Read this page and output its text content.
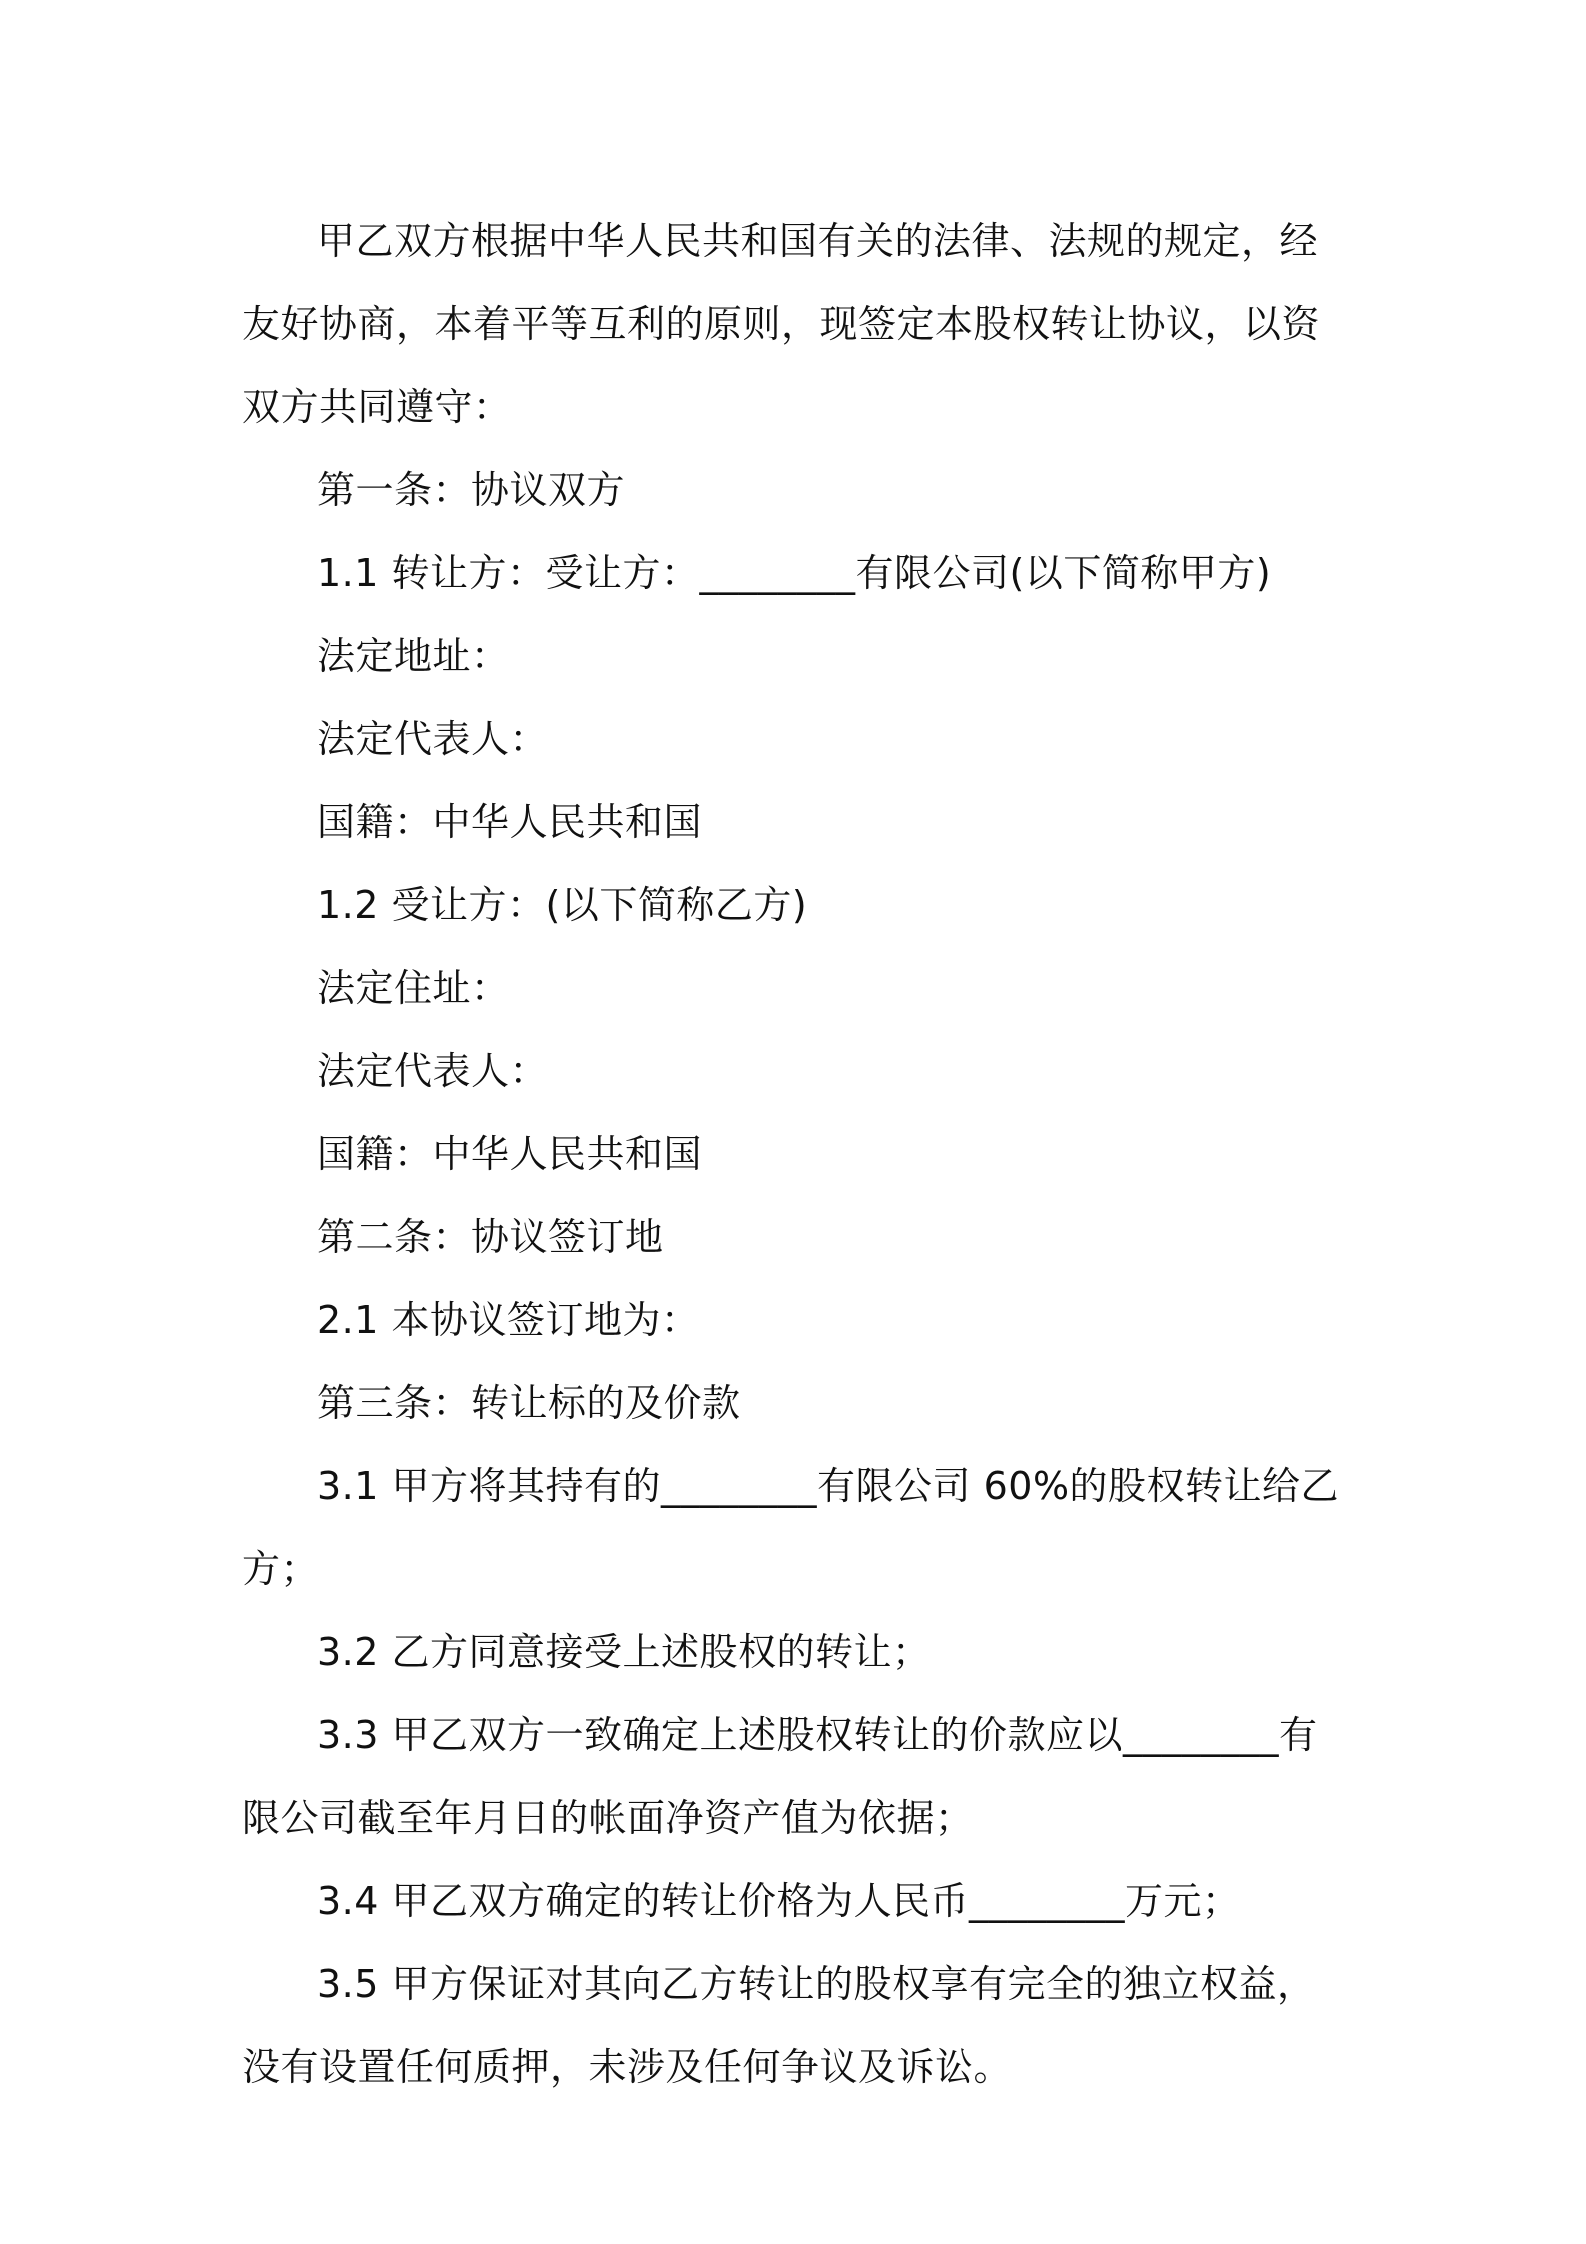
甲乙双方根据中华人民共和国有关的法律、法规的规定，经友好协商，本着平等互利的原则，现签定本股权转让协议，以资双方共同遵守：

第一条：协议双方

1.1 转让方：受让方：________有限公司(以下简称甲方)

法定地址：

法定代表人：

国籍：中华人民共和国

1.2 受让方：(以下简称乙方)

法定住址：

法定代表人：

国籍：中华人民共和国

第二条：协议签订地

2.1 本协议签订地为：

第三条：转让标的及价款

3.1 甲方将其持有的________有限公司 60%的股权转让给乙方；

3.2 乙方同意接受上述股权的转让；

3.3 甲乙双方一致确定上述股权转让的价款应以________有限公司截至年月日的帐面净资产值为依据；

3.4 甲乙双方确定的转让价格为人民币________万元；

3.5 甲方保证对其向乙方转让的股权享有完全的独立权益，没有设置任何质押，未涉及任何争议及诉讼。
